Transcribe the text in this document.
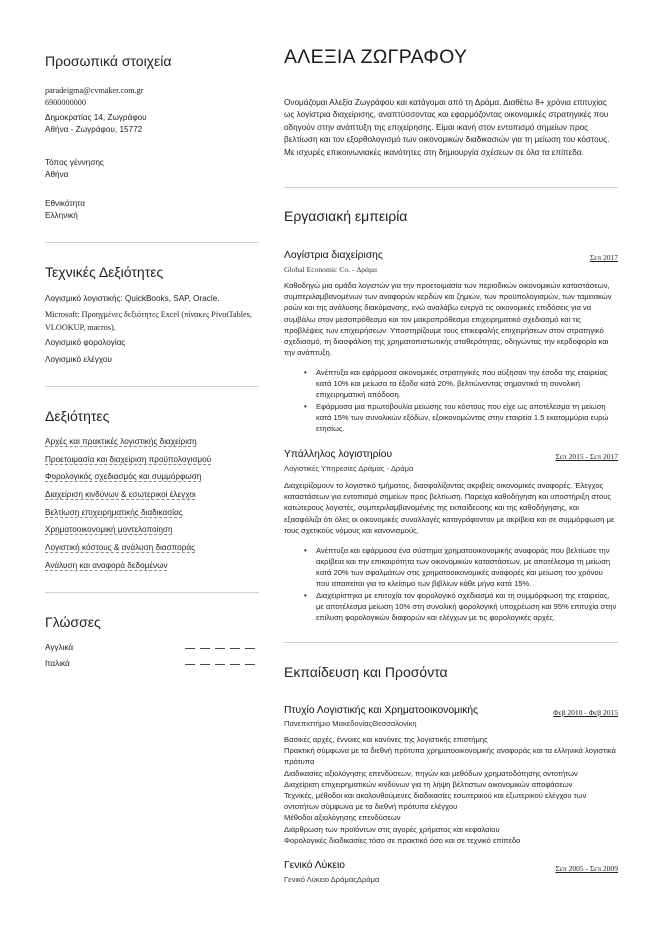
Προσωπικά στοιχεία
paradeigma@cvmaker.com.gr
6900000000
Δημοκρατίας 14, Ζωγράφου
Αθήνα - Ζωγράφου, 15772
Τόπος γέννησης
Αθήνα
Εθνικότητα
Ελληνική
Τεχνικές Δεξιότητες
Λογισμικό λογιστικής: QuickBooks, SAP, Oracle.
Microsoft: Προηγμένες δεξιότητες Excel (πίνακες PivotTables, VLOOKUP, macros).
Λογισμικό φορολογίας
Λογισμικό ελέγχου
Δεξιότητες
Αρχές και πρακτικές λογιστικής διαχείριση
Προετοιμασία και διαχείριση προϋπολογισμού
Φορολογικός σχεδιασμός και συμμόρφωση
Διαχείριση κινδύνων & εσωτερικοί έλεγχοι
Βελτίωση επιχειρηματικής διαδικασίας
Χρηματοοικονομική μοντελοποίηση
Λογιστική κόστους & ανάλυση διασποράς
Ανάλυση και αναφορά δεδομένων
Γλώσσες
Αγγλικά
Ιταλικά
ΑΛΕΞΙΑ ΖΩΓΡΑΦΟΥ
Ονομάζομαι Αλεξία Ζωγράφου και κατάγομαι από τη Δράμα. Διαθέτω 8+ χρόνια επιτυχίας ως λογίστρια διαχείρισης, αναπτύσσοντας και εφαρμόζοντας οικονομικές στρατηγικές που οδηγούν στην ανάπτυξη της επιχείρησης. Είμαι ικανή στον εντοπισμό σημείων προς βελτίωση και τον εξορθολογισμό των οικονομικών διαδικασιών για τη μείωση του κόστους. Με ισχυρές επικοινωνιακές ικανότητες στη δημιουργία σχέσεων σε όλα τα επίπεδα.
Εργασιακή εμπειρία
Λογίστρια διαχείρισης	Σεπ 2017
Global Economic Co. - Δράμα
Καθοδηγώ μια ομάδα λογιστών για την προετοιμασία των περιοδικών οικονομικών καταστάσεων, συμπεριλαμβανομένων των αναφορών κερδών και ζημιών, των προϋπολογισμών, των ταμειακών ροών και της ανάλυσης διακύμανσης, ενώ αναλάβω ενεργά τις οικονομικές επιδόσεις για να συμβάλω στον μεσοπρόθεσμο και τον μακροπρόθεσμο επιχειρηματικό σχεδιασμό και τις προβλέψεις των επιχειρήσεων. Υποστηρίζουμε τους επικεφαλής επιχειρήσεων στον στρατηγικό σχεδιασμό, τη διασφάλιση της χρηματοπιστωτικής σταθερότητας, οδηγώντας την κερδοφορία και την ανάπτυξη.
• Ανέπτυξα και εφάρμοσα οικονομικές στρατηγικές που αύξησαν την έσοδα της εταιρείας κατά 10% και μείωσα τα έξοδα κατά 20%, βελτιώνοντας σημαντικά τη συνολική επιχειρηματική απόδοση.
• Εφάρμοσα μια πρωτοβουλία μείωσης του κόστους που είχε ως αποτέλεσμα τη μείωση κατά 15% των συνολικών εξόδων, εξοικονομώντας στην εταιρεία 1.5 εκατομμύρια ευρώ ετησίως.
Υπάλληλος λογιστηρίου	Σεπ 2015 - Σεπ 2017
Λογιστικές Υπηρεσίες Δράμας - Δράμα
Διαχειρίζομουν το λογιστικό τμήματος, διασφαλίζοντας ακριβείς οικονομικές αναφορές. Έλεγχος καταστάσεων για εντοπισμό σημείων προς βελτίωση. Παρείχα καθοδήγηση και υποστήριξη στους κατώτερους λογιστές, συμπεριλαμβανομένης της εκπαίδευσης και της καθοδήγησης, και εξασφάλιζα ότι όλες οι οικονομικές συναλλαγές καταγράφονταν με ακρίβεια και σε συμμόρφωση με τους σχετικούς νόμους και κανονισμούς.
• Ανέπτυξα και εφάρμοσα ένα σύστημα χρηματοοικονομικής αναφοράς που βελτίωσε την ακρίβεια και την επικαιρότητα των οικονομικών καταστάσεων, με αποτέλεσμα τη μείωση κατά 20% των σφαλμάτων στις χρηματοοικονομικές αναφορές και μείωση του χρόνου που απαιτείται για το κλείσιμο των βιβλίων κάθε μήνα κατά 15%.
• Διαχειρίστηκα με επιτυχία τον φορολογικό σχεδιασμό και τη συμμόρφωση της εταιρείας, με αποτέλεσμα μείωση 10% στη συνολική φορολογική υποχρέωση και 95% επιτυχία στην επίλυση φορολογικών διαφορών και ελέγχων με τις φορολογικές αρχές.
Εκπαίδευση και Προσόντα
Πτυχίο Λογιστικής και Χρηματοοικονομικής	Φεβ 2010 - Φεβ 2015
Πανεπιστήμιο ΜακεδονίαςΘεσσαλονίκη
Βασικές αρχές, έννοιες και κανόνες της λογιστικής επιστήμης
Πρακτική σύμφωνα με τα διεθνή πρότυπα χρηματοοικονομικής αναφοράς και τα ελληνικά λογιστικά πρότυπα
Διαδικασίες αξιολόγησης επενδύσεων, πηγών και μεθόδων χρηματοδότησης οντοτήτων
Διαχείριση επιχειρηματικών κινδύνων για τη λήψη βέλτιστων οικονομικών αποφάσεων
Τεχνικές, μέθοδοι και ακολουθούμενες διαδικασίες εσωτερικού και εξωτερικού ελέγχου των οντοτήτων σύμφωνα με τα διεθνή πρότυπα ελέγχου
Μέθοδοι αξιολόγησης επενδύσεων
Διάρθρωση των προϊόντων στις αγορές χρήματος και κεφαλαίου
Φορολογικές διαδικασίες τόσο σε πρακτικό όσο και σε τεχνικό επίπεδο
Γενικό Λύκειο	Σεπ 2005 - Σεπ 2009
Γενικό Λύκειο ΔράμαςΔράμα
